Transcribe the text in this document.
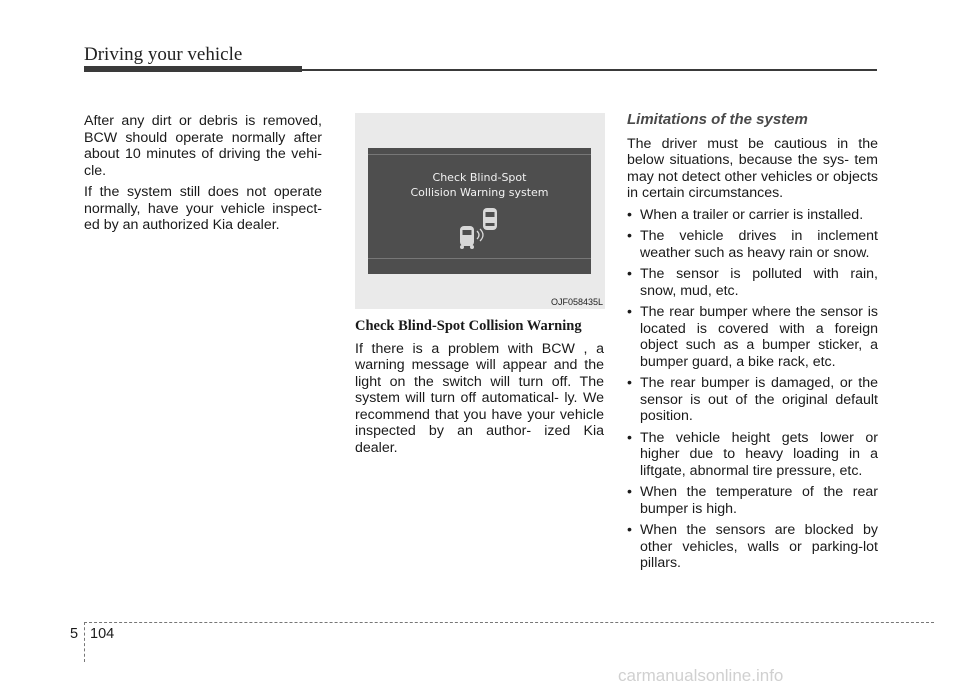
Driving your vehicle

After any dirt or debris is removed, BCW should operate normally after about 10 minutes of driving the vehi- cle.

If the system still does not operate normally, have your vehicle inspect- ed by an authorized Kia dealer.

Check Blind-Spot
Collision Warning system
OJF058435L

Check Blind-Spot Collision Warning

If there is a problem with BCW , a warning message will appear and the light on the switch will turn off. The system will turn off automatical- ly. We recommend that you have your vehicle inspected by an author- ized Kia dealer.

Limitations of the system

The driver must be cautious in the below situations, because the sys- tem may not detect other vehicles or objects in certain circumstances.

• When a trailer or carrier is installed.
• The vehicle drives in inclement weather such as heavy rain or snow.
• The sensor is polluted with rain, snow, mud, etc.
• The rear bumper where the sensor is located is covered with a foreign object such as a bumper sticker, a bumper guard, a bike rack, etc.
• The rear bumper is damaged, or the sensor is out of the original default position.
• The vehicle height gets lower or higher due to heavy loading in a liftgate, abnormal tire pressure, etc.
• When the temperature of the rear bumper is high.
• When the sensors are blocked by other vehicles, walls or parking-lot pillars.
5 104
carmanualsonline.info
